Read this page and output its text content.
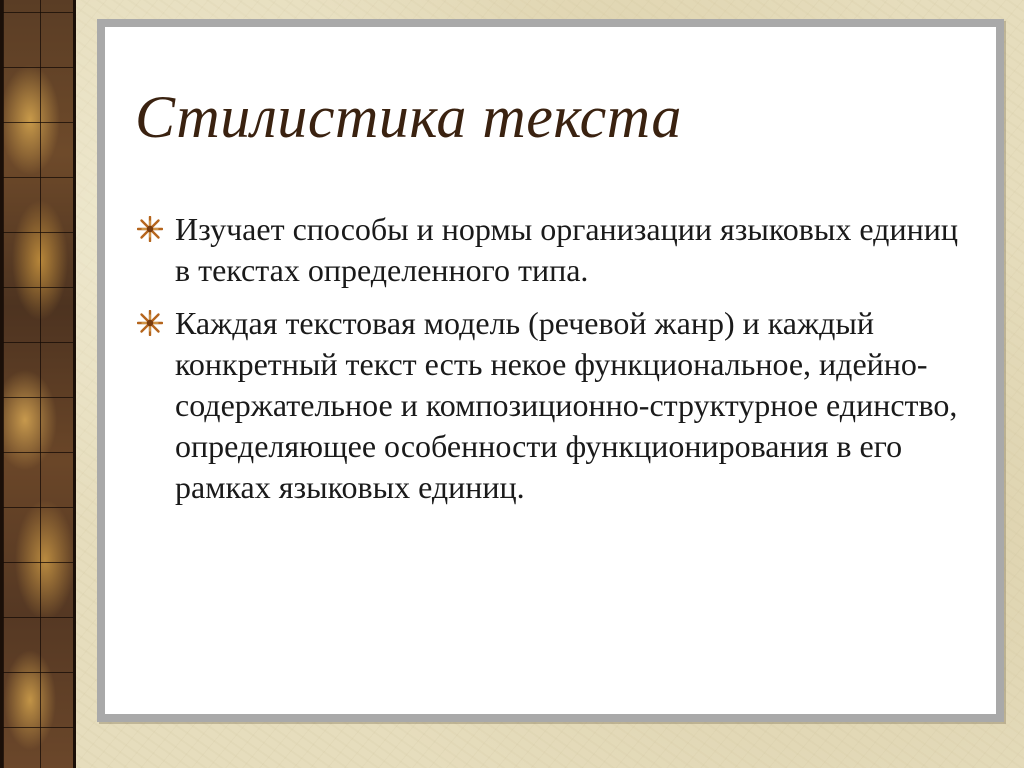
Стилистика текста
Изучает способы и нормы организации языковых единиц в текстах определенного типа.
Каждая текстовая модель (речевой жанр) и каждый конкретный текст есть некое функциональное, идейно-содержательное и композиционно-структурное единство, определяющее особенности функционирования в его рамках языковых единиц.
